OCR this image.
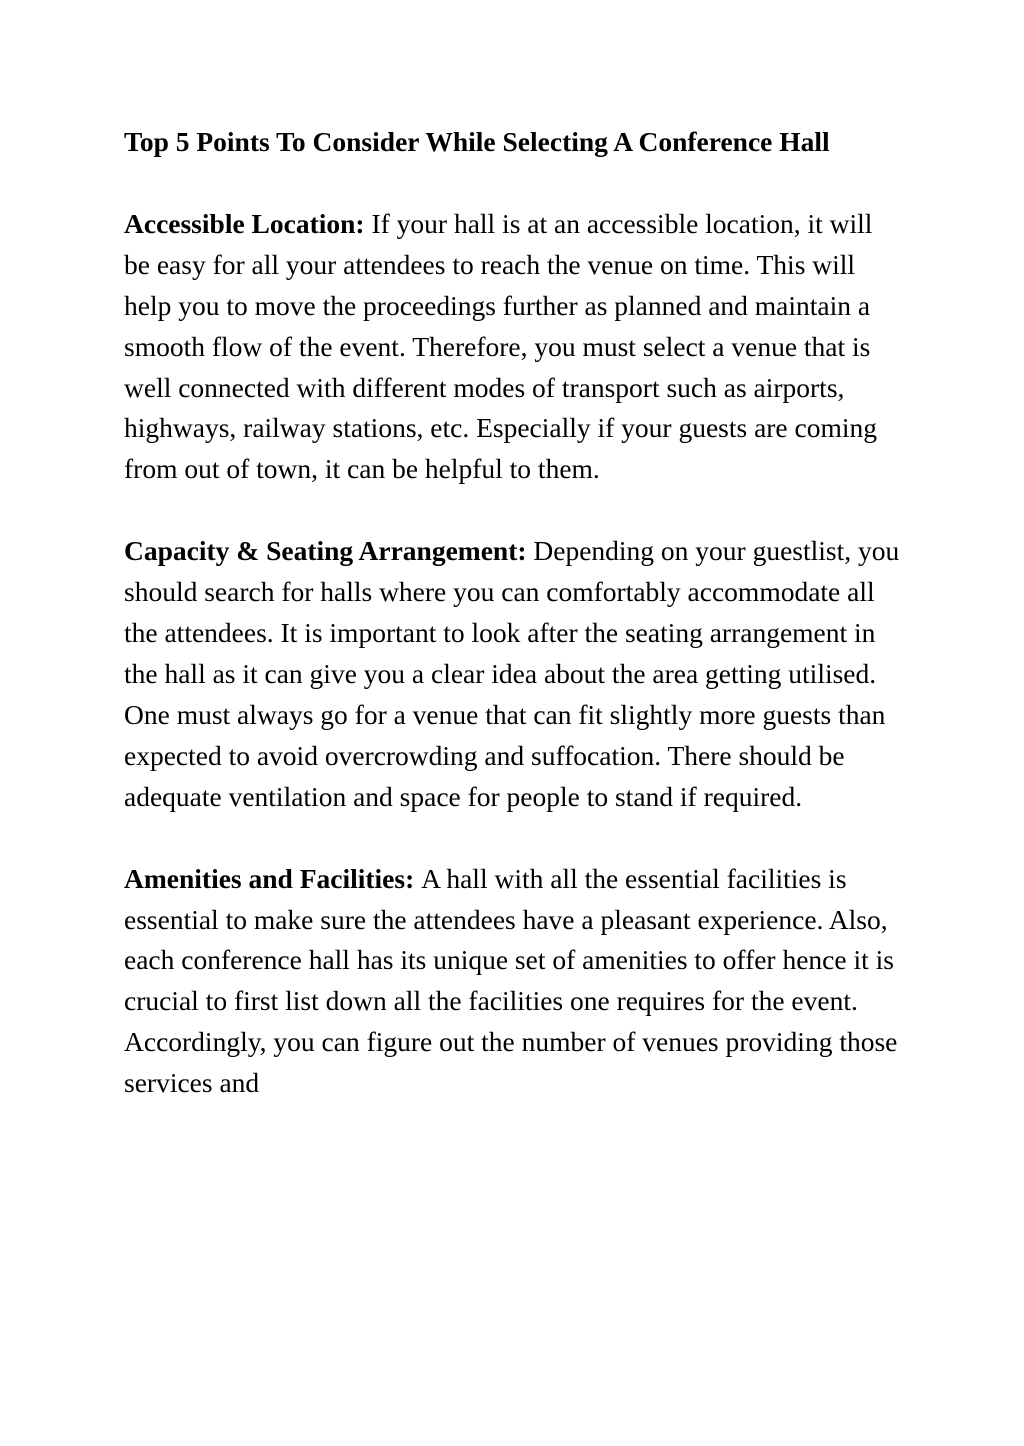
Top 5 Points To Consider While Selecting A Conference Hall
Accessible Location: If your hall is at an accessible location, it will be easy for all your attendees to reach the venue on time. This will help you to move the proceedings further as planned and maintain a smooth flow of the event. Therefore, you must select a venue that is well connected with different modes of transport such as airports, highways, railway stations, etc. Especially if your guests are coming from out of town, it can be helpful to them.
Capacity & Seating Arrangement: Depending on your guestlist, you should search for halls where you can comfortably accommodate all the attendees. It is important to look after the seating arrangement in the hall as it can give you a clear idea about the area getting utilised. One must always go for a venue that can fit slightly more guests than expected to avoid overcrowding and suffocation. There should be adequate ventilation and space for people to stand if required.
Amenities and Facilities: A hall with all the essential facilities is essential to make sure the attendees have a pleasant experience. Also, each conference hall has its unique set of amenities to offer hence it is crucial to first list down all the facilities one requires for the event. Accordingly, you can figure out the number of venues providing those services and
